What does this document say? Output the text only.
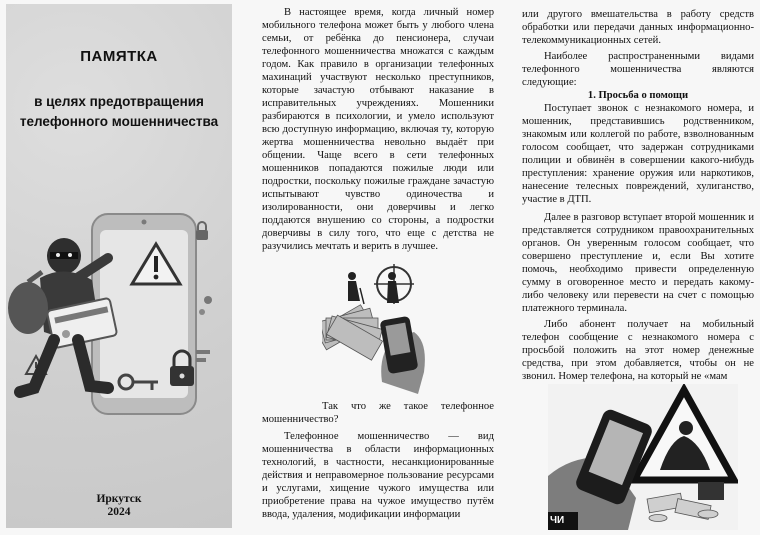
ПАМЯТКА
в целях предотвращения телефонного мошенничества
Иркутск
2024

В настоящее время, когда личный номер мобильного телефона может быть у любого члена семьи, от ребёнка до пенсионера, случаи телефонного мошенничества множатся с каждым годом. Как правило в организации телефонных махинаций участвуют несколько преступников, которые зачастую отбывают наказание в исправительных учреждениях. Мошенники разбираются в психологии, и умело используют всю доступную информацию, включая ту, которую жертва мошенничества невольно выдаёт при общении. Чаще всего в сети телефонных мошенников попадаются пожилые люди или подростки, поскольку пожилые граждане зачастую испытывают чувство одиночества и изолированности, они доверчивы и легко поддаются внушению со стороны, а подростки доверчивы в силу того, что еще с детства не разучились мечтать и верить в лучшее.

Так что же такое телефонное мошенничество?

Телефонное мошенничество — вид мошенничества в области информационных технологий, в частности, несанкционированные действия и неправомерное пользование ресурсами и услугами, хищение чужого имущества или приобретение права на чужое имущество путём ввода, удаления, модификации информации

или другого вмешательства в работу средств обработки или передачи данных информационно-телекоммуникационных сетей.

Наиболее распространенными видами телефонного мошенничества являются следующие:

1. Просьба о помощи

Поступает звонок с незнакомого номера, и мошенник, представившись родственником, знакомым или коллегой по работе, взволнованным голосом сообщает, что задержан сотрудниками полиции и обвинён в совершении какого-нибудь преступления: хранение оружия или наркотиков, нанесение телесных повреждений, хулиганство, участие в ДТП.

Далее в разговор вступает второй мошенник и представляется сотрудником правоохранительных органов. Он уверенным голосом сообщает, что совершено преступление и, если Вы хотите помочь, необходимо привести определенную сумму в оговоренное место и передать какому-либо человеку или перевести на счет с помощью платежного терминала.

Либо абонент получает на мобильный телефон сообщение с незнакомого номера с просьбой положить на этот номер денежные средства, при этом добавляется, чтобы он не звонил. Номер телефона, на который не «мам

ЧИ
